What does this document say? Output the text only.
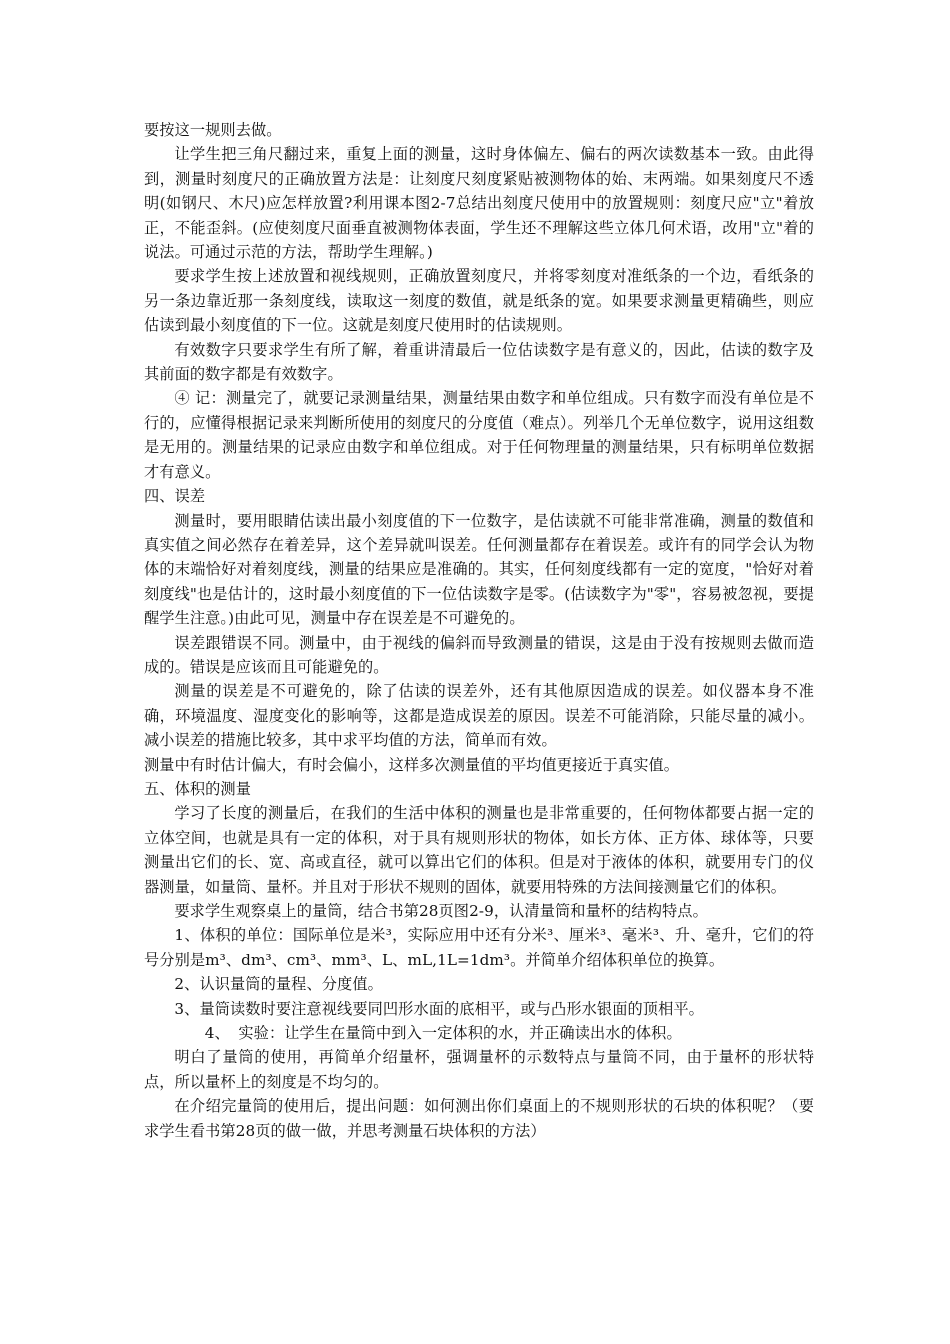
要按这一规则去做。

让学生把三角尺翻过来，重复上面的测量，这时身体偏左、偏右的两次读数基本一致。由此得到，测量时刻度尺的正确放置方法是：让刻度尺刻度紧贴被测物体的始、末两端。如果刻度尺不透明(如钢尺、木尺)应怎样放置?利用课本图2-7总结出刻度尺使用中的放置规则：刻度尺应"立"着放正，不能歪斜。(应使刻度尺面垂直被测物体表面，学生还不理解这些立体几何术语，改用"立"着的说法。可通过示范的方法，帮助学生理解。)

要求学生按上述放置和视线规则，正确放置刻度尺，并将零刻度对准纸条的一个边，看纸条的另一条边靠近那一条刻度线，读取这一刻度的数值，就是纸条的宽。如果要求测量更精确些，则应估读到最小刻度值的下一位。这就是刻度尺使用时的估读规则。

有效数字只要求学生有所了解，着重讲清最后一位估读数字是有意义的，因此，估读的数字及其前面的数字都是有效数字。

④ 记：测量完了，就要记录测量结果，测量结果由数字和单位组成。只有数字而没有单位是不行的，应懂得根据记录来判断所使用的刻度尺的分度值（难点）。列举几个无单位数字，说用这组数是无用的。测量结果的记录应由数字和单位组成。对于任何物理量的测量结果，只有标明单位数据才有意义。

四、误差

测量时，要用眼睛估读出最小刻度值的下一位数字，是估读就不可能非常准确，测量的数值和真实值之间必然存在着差异，这个差异就叫误差。任何测量都存在着误差。或许有的同学会认为物体的末端恰好对着刻度线，测量的结果应是准确的。其实，任何刻度线都有一定的宽度，"恰好对着刻度线"也是估计的，这时最小刻度值的下一位估读数字是零。(估读数字为"零"，容易被忽视，要提醒学生注意。)由此可见，测量中存在误差是不可避免的。

误差跟错误不同。测量中，由于视线的偏斜而导致测量的错误，这是由于没有按规则去做而造成的。错误是应该而且可能避免的。

测量的误差是不可避免的，除了估读的误差外，还有其他原因造成的误差。如仪器本身不准确，环境温度、湿度变化的影响等，这都是造成误差的原因。误差不可能消除，只能尽量的减小。减小误差的措施比较多，其中求平均值的方法，简单而有效。

测量中有时估计偏大，有时会偏小，这样多次测量值的平均值更接近于真实值。

五、体积的测量

学习了长度的测量后，在我们的生活中体积的测量也是非常重要的，任何物体都要占据一定的立体空间，也就是具有一定的体积，对于具有规则形状的物体，如长方体、正方体、球体等，只要测量出它们的长、宽、高或直径，就可以算出它们的体积。但是对于液体的体积，就要用专门的仪器测量，如量筒、量杯。并且对于形状不规则的固体，就要用特殊的方法间接测量它们的体积。

要求学生观察桌上的量筒，结合书第28页图2-9，认清量筒和量杯的结构特点。

1、体积的单位：国际单位是米³，实际应用中还有分米³、厘米³、毫米³、升、毫升，它们的符号分别是m³、dm³、cm³、mm³、L、mL,1L=1dm³。并简单介绍体积单位的换算。

2、认识量筒的量程、分度值。

3、量筒读数时要注意视线要同凹形水面的底相平，或与凸形水银面的顶相平。

4、 实验：让学生在量筒中到入一定体积的水，并正确读出水的体积。

明白了量筒的使用，再简单介绍量杯，强调量杯的示数特点与量筒不同，由于量杯的形状特点，所以量杯上的刻度是不均匀的。

在介绍完量筒的使用后，提出问题：如何测出你们桌面上的不规则形状的石块的体积呢？（要求学生看书第28页的做一做，并思考测量石块体积的方法）
